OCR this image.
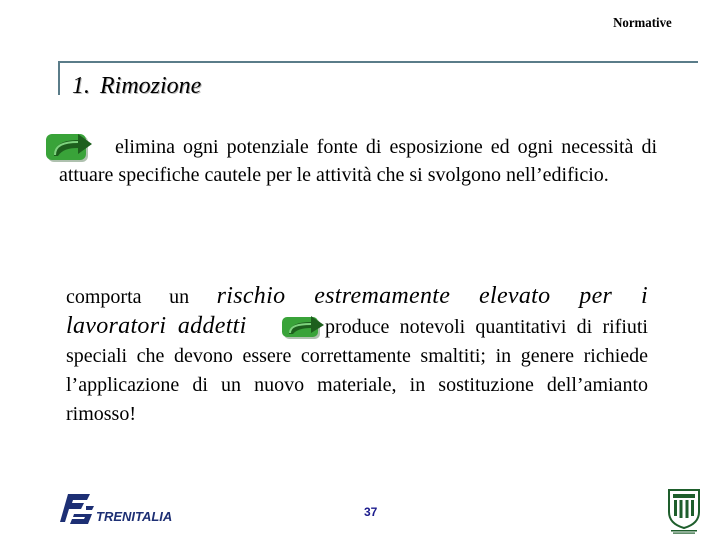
Normative
1. Rimozione
elimina ogni potenziale fonte di esposizione ed ogni necessità di attuare specifiche cautele per le attività che si svolgono nell’edificio.
comporta un rischio estremamente elevato per i
lavoratori addetti	produce notevoli quantitativi di rifiuti speciali che devono essere correttamente smaltiti; in genere richiede l’applicazione di un nuovo materiale, in sostituzione dell’amianto rimosso!
TRENITALIA	37
